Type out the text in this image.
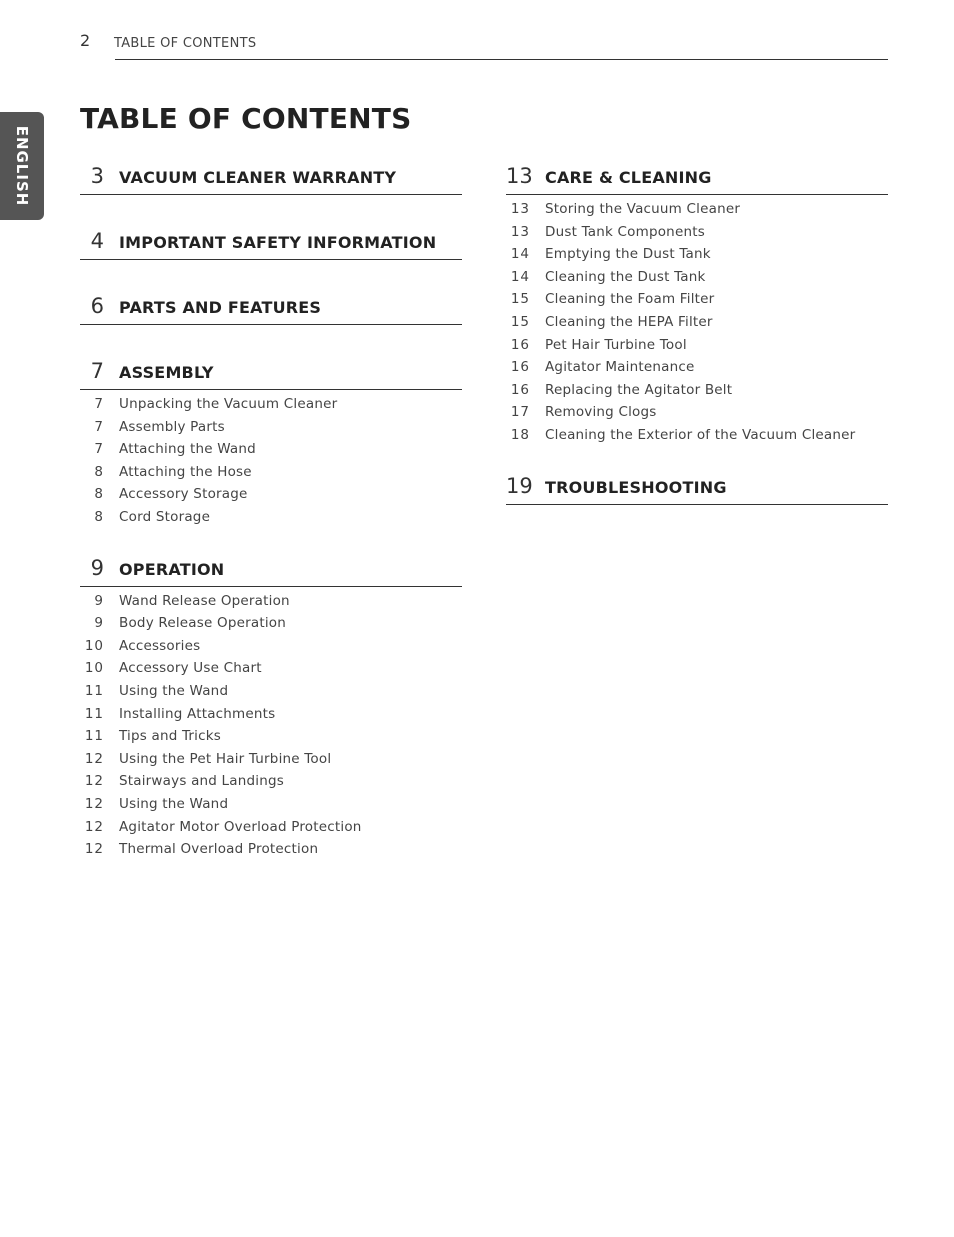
2 TABLE OF CONTENTS
ENGLISH
TABLE OF CONTENTS
3 VACUUM CLEANER WARRANTY
4 IMPORTANT SAFETY INFORMATION
6 PARTS AND FEATURES
7 ASSEMBLY
7 Unpacking the Vacuum Cleaner
7 Assembly Parts
7 Attaching the Wand
8 Attaching the Hose
8 Accessory Storage
8 Cord Storage
9 OPERATION
9 Wand Release Operation
9 Body Release Operation
10 Accessories
10 Accessory Use Chart
11 Using the Wand
11 Installing Attachments
11 Tips and Tricks
12 Using the Pet Hair Turbine Tool
12 Stairways and Landings
12 Using the Wand
12 Agitator Motor Overload Protection
12 Thermal Overload Protection
13 CARE & CLEANING
13 Storing the Vacuum Cleaner
13 Dust Tank Components
14 Emptying the Dust Tank
14 Cleaning the Dust Tank
15 Cleaning the Foam Filter
15 Cleaning the HEPA Filter
16 Pet Hair Turbine Tool
16 Agitator Maintenance
16 Replacing the Agitator Belt
17 Removing Clogs
18 Cleaning the Exterior of the Vacuum Cleaner
19 TROUBLESHOOTING
